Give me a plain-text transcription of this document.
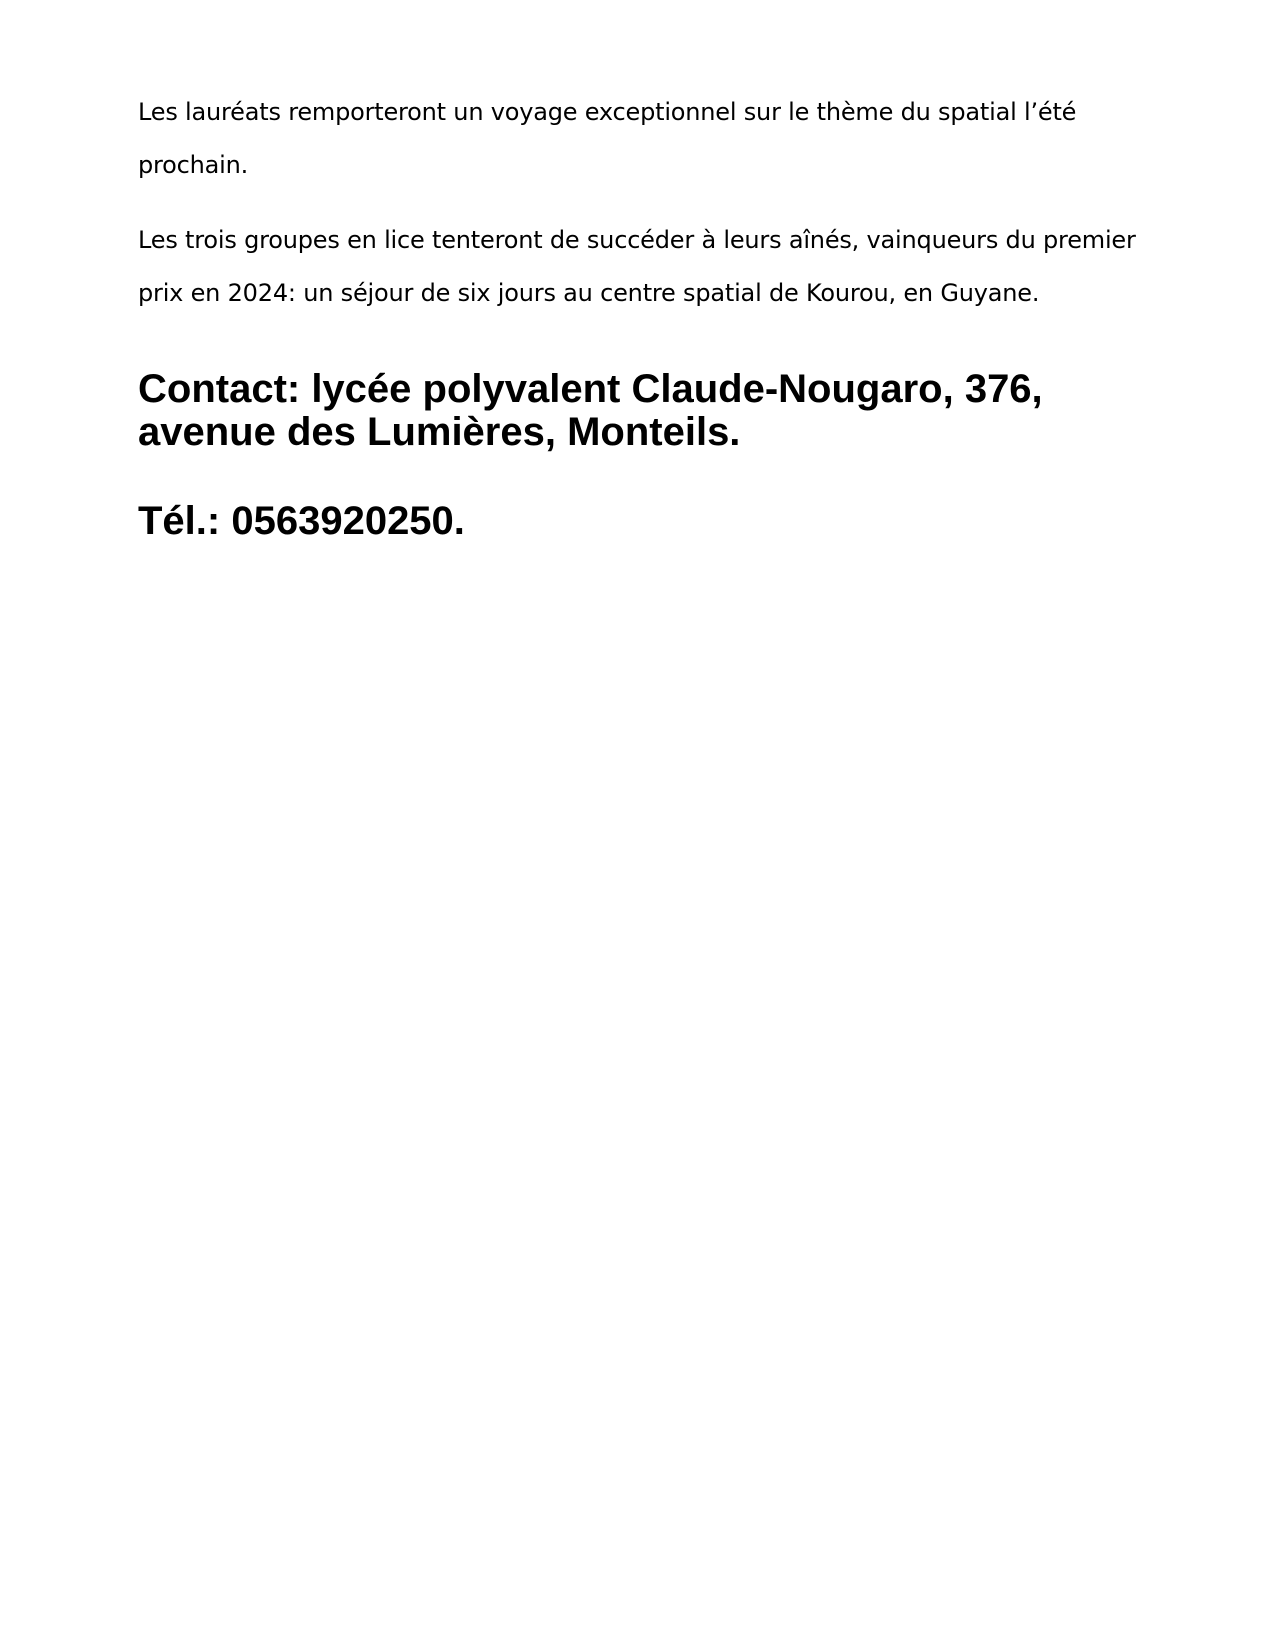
Les lauréats remporteront un voyage exceptionnel sur le thème du spatial l’été prochain.

Les trois groupes en lice tenteront de succéder à leurs aînés, vainqueurs du premier prix en 2024: un séjour de six jours au centre spatial de Kourou, en Guyane.

Contact: lycée polyvalent Claude-Nougaro, 376, avenue des Lumières, Monteils.
Tél.: 0563920250.
